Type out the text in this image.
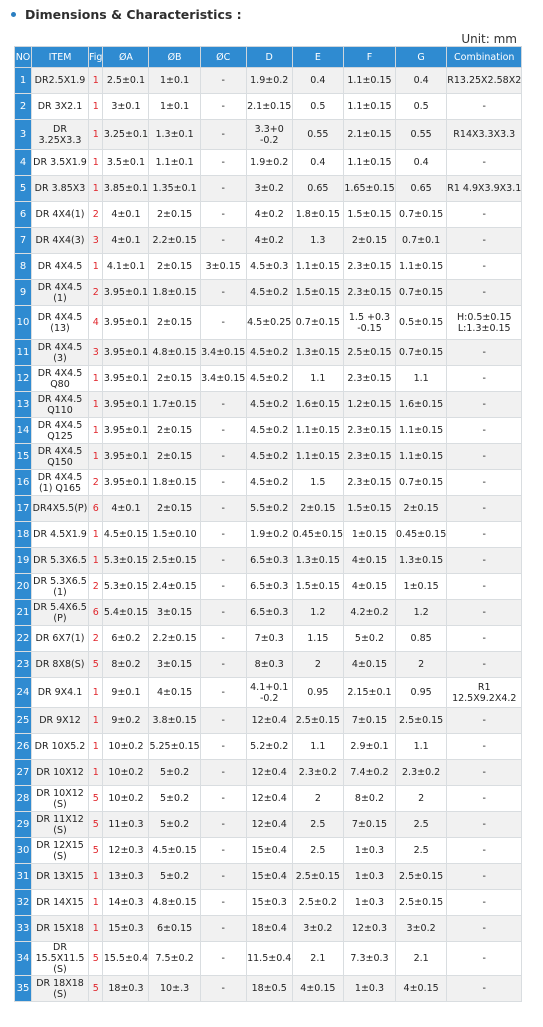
Dimensions & Characteristics :
Unit: mm
NO	ITEM	Fig	ØA	ØB	ØC	D	E	F	G	Combination
1	DR2.5X1.9	1	2.5±0.1	1±0.1	-	1.9±0.2	0.4	1.1±0.15	0.4	R13.25X2.58X2
2	DR 3X2.1	1	3±0.1	1±0.1	-	2.1±0.15	0.5	1.1±0.15	0.5	-
3	DR 3.25X3.3	1	3.25±0.1	1.3±0.1	-	3.3+0 -0.2	0.55	2.1±0.15	0.55	R14X3.3X3.3
4	DR 3.5X1.9	1	3.5±0.1	1.1±0.1	-	1.9±0.2	0.4	1.1±0.15	0.4	-
5	DR 3.85X3	1	3.85±0.1	1.35±0.1	-	3±0.2	0.65	1.65±0.15	0.65	R1 4.9X3.9X3.1
6	DR 4X4(1)	2	4±0.1	2±0.15	-	4±0.2	1.8±0.15	1.5±0.15	0.7±0.15	-
7	DR 4X4(3)	3	4±0.1	2.2±0.15	-	4±0.2	1.3	2±0.15	0.7±0.1	-
8	DR 4X4.5	1	4.1±0.1	2±0.15	3±0.15	4.5±0.3	1.1±0.15	2.3±0.15	1.1±0.15	-
9	DR 4X4.5 (1)	2	3.95±0.1	1.8±0.15	-	4.5±0.2	1.5±0.15	2.3±0.15	0.7±0.15	-
10	DR 4X4.5 (13)	4	3.95±0.1	2±0.15	-	4.5±0.25	0.7±0.15	1.5 +0.3 -0.15	0.5±0.15	H:0.5±0.15 L:1.3±0.15
11	DR 4X4.5 (3)	3	3.95±0.1	4.8±0.15	3.4±0.15	4.5±0.2	1.3±0.15	2.5±0.15	0.7±0.15	-
12	DR 4X4.5 Q80	1	3.95±0.1	2±0.15	3.4±0.15	4.5±0.2	1.1	2.3±0.15	1.1	-
13	DR 4X4.5 Q110	1	3.95±0.1	1.7±0.15	-	4.5±0.2	1.6±0.15	1.2±0.15	1.6±0.15	-
14	DR 4X4.5 Q125	1	3.95±0.1	2±0.15	-	4.5±0.2	1.1±0.15	2.3±0.15	1.1±0.15	-
15	DR 4X4.5 Q150	1	3.95±0.1	2±0.15	-	4.5±0.2	1.1±0.15	2.3±0.15	1.1±0.15	-
16	DR 4X4.5 (1) Q165	2	3.95±0.1	1.8±0.15	-	4.5±0.2	1.5	2.3±0.15	0.7±0.15	-
17	DR4X5.5(P)	6	4±0.1	2±0.15	-	5.5±0.2	2±0.15	1.5±0.15	2±0.15	-
18	DR 4.5X1.9	1	4.5±0.15	1.5±0.10	-	1.9±0.2	0.45±0.15	1±0.15	0.45±0.15	-
19	DR 5.3X6.5	1	5.3±0.15	2.5±0.15	-	6.5±0.3	1.3±0.15	4±0.15	1.3±0.15	-
20	DR 5.3X6.5 (1)	2	5.3±0.15	2.4±0.15	-	6.5±0.3	1.5±0.15	4±0.15	1±0.15	-
21	DR 5.4X6.5 (P)	6	5.4±0.15	3±0.15	-	6.5±0.3	1.2	4.2±0.2	1.2	-
22	DR 6X7(1)	2	6±0.2	2.2±0.15	-	7±0.3	1.15	5±0.2	0.85	-
23	DR 8X8(S)	5	8±0.2	3±0.15	-	8±0.3	2	4±0.15	2	-
24	DR 9X4.1	1	9±0.1	4±0.15	-	4.1+0.1 -0.2	0.95	2.15±0.1	0.95	R1 12.5X9.2X4.2
25	DR 9X12	1	9±0.2	3.8±0.15	-	12±0.4	2.5±0.15	7±0.15	2.5±0.15	-
26	DR 10X5.2	1	10±0.2	5.25±0.15	-	5.2±0.2	1.1	2.9±0.1	1.1	-
27	DR 10X12	1	10±0.2	5±0.2	-	12±0.4	2.3±0.2	7.4±0.2	2.3±0.2	-
28	DR 10X12 (S)	5	10±0.2	5±0.2	-	12±0.4	2	8±0.2	2	-
29	DR 11X12 (S)	5	11±0.3	5±0.2	-	12±0.4	2.5	7±0.15	2.5	-
30	DR 12X15 (S)	5	12±0.3	4.5±0.15	-	15±0.4	2.5	1±0.3	2.5	-
31	DR 13X15	1	13±0.3	5±0.2	-	15±0.4	2.5±0.15	1±0.3	2.5±0.15	-
32	DR 14X15	1	14±0.3	4.8±0.15	-	15±0.3	2.5±0.2	1±0.3	2.5±0.15	-
33	DR 15X18	1	15±0.3	6±0.15	-	18±0.4	3±0.2	12±0.3	3±0.2	-
34	DR 15.5X11.5 (S)	5	15.5±0.4	7.5±0.2	-	11.5±0.4	2.1	7.3±0.3	2.1	-
35	DR 18X18 (S)	5	18±0.3	10±.3	-	18±0.5	4±0.15	1±0.3	4±0.15	-
